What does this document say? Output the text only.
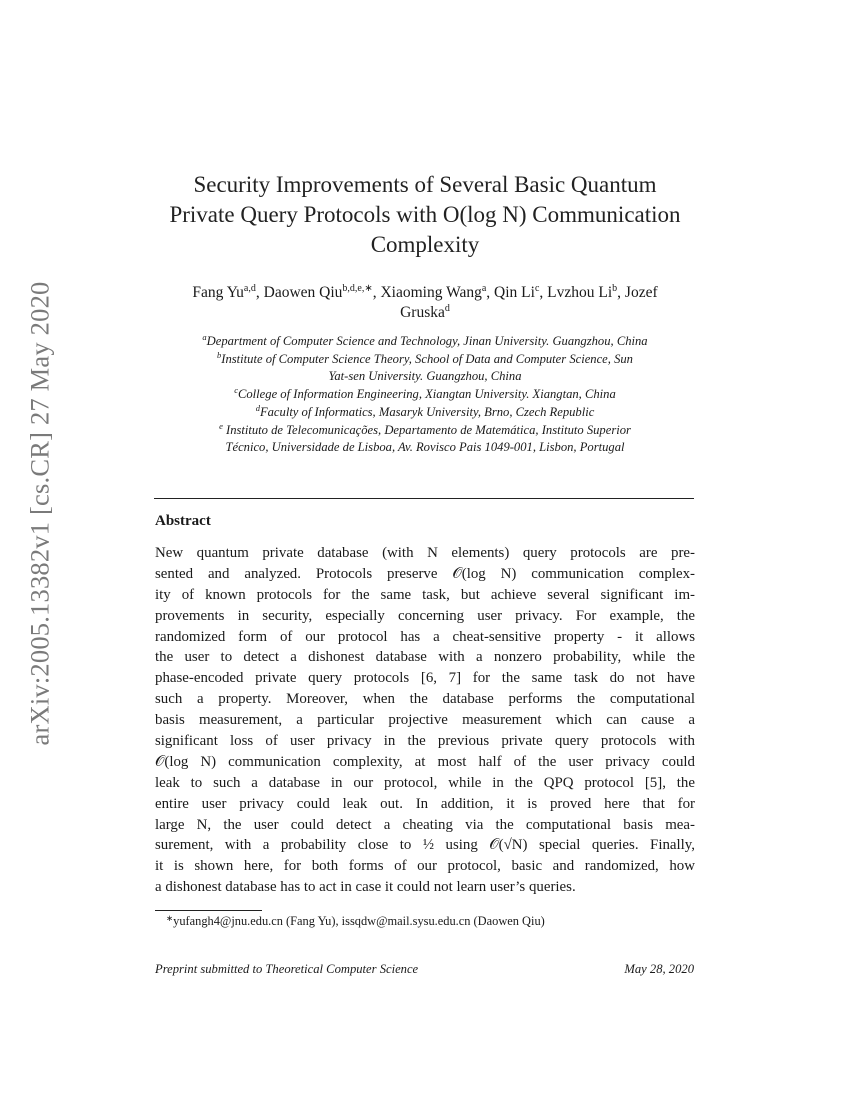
arXiv:2005.13382v1 [cs.CR] 27 May 2020
Security Improvements of Several Basic Quantum
Private Query Protocols with O(log N) Communication
Complexity
Fang Yu$^{a,d}$, Daowen Qiu$^{b,d,e,∗}$, Xiaoming Wang$^a$, Qin Li$^c$, Lvzhou Li$^b$, Jozef
Gruska$^d$
$^a$Department of Computer Science and Technology, Jinan University. Guangzhou, China
$^b$Institute of Computer Science Theory, School of Data and Computer Science, Sun
Yat-sen University. Guangzhou, China
$^c$College of Information Engineering, Xiangtan University. Xiangtan, China
$^d$Faculty of Informatics, Masaryk University, Brno, Czech Republic
$^e$ Instituto de Telecomunicações, Departamento de Matemática, Instituto Superior
Técnico, Universidade de Lisboa, Av. Rovisco Pais 1049-001, Lisbon, Portugal
Abstract
New quantum private database (with N elements) query protocols are pre-
sented and analyzed. Protocols preserve 𝒪(log N) communication complex-
ity of known protocols for the same task, but achieve several significant im-
provements in security, especially concerning user privacy. For example, the
randomized form of our protocol has a cheat-sensitive property - it allows
the user to detect a dishonest database with a nonzero probability, while the
phase-encoded private query protocols [6, 7] for the same task do not have
such a property. Moreover, when the database performs the computational
basis measurement, a particular projective measurement which can cause a
significant loss of user privacy in the previous private query protocols with
𝒪(log N) communication complexity, at most half of the user privacy could
leak to such a database in our protocol, while in the QPQ protocol [5], the
entire user privacy could leak out. In addition, it is proved here that for
large N, the user could detect a cheating via the computational basis mea-
surement, with a probability close to ½ using 𝒪(√N) special queries. Finally,
it is shown here, for both forms of our protocol, basic and randomized, how
a dishonest database has to act in case it could not learn user’s queries.
∗yufangh4@jnu.edu.cn (Fang Yu), issqdw@mail.sysu.edu.cn (Daowen Qiu)
Preprint submitted to Theoretical Computer Science	May 28, 2020
